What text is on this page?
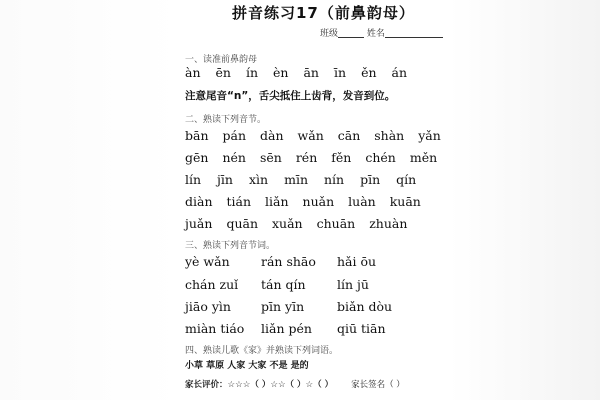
拼音练习17（前鼻韵母）
班级	姓名
一、读准前鼻韵母
àn ēn ín èn ān īn ěn án
注意尾音“n”，舌尖抵住上齿背，发音到位。
二、熟读下列音节。
bān pán dàn wǎn cān shàn yǎn
gēn nén sēn rén fěn chén měn
lín jīn xìn mīn nín pīn qín
diàn tián liǎn nuǎn luàn kuān
juǎn quān xuǎn chuān zhuàn
三、熟读下列音节词。
yè wǎn	rán shāo	hǎi ōu
chán zuǐ	tán qín	lín jū
jiāo yìn	pīn yīn	biǎn dòu
miàn tiáo	liǎn pén	qiū tiān
四、熟读儿歌《家》并熟读下列词语。
小草 草原 人家 大家 不是 是的
家长评价：☆☆☆（ ）☆☆（ ）☆（ ） 家长签名（ ）
